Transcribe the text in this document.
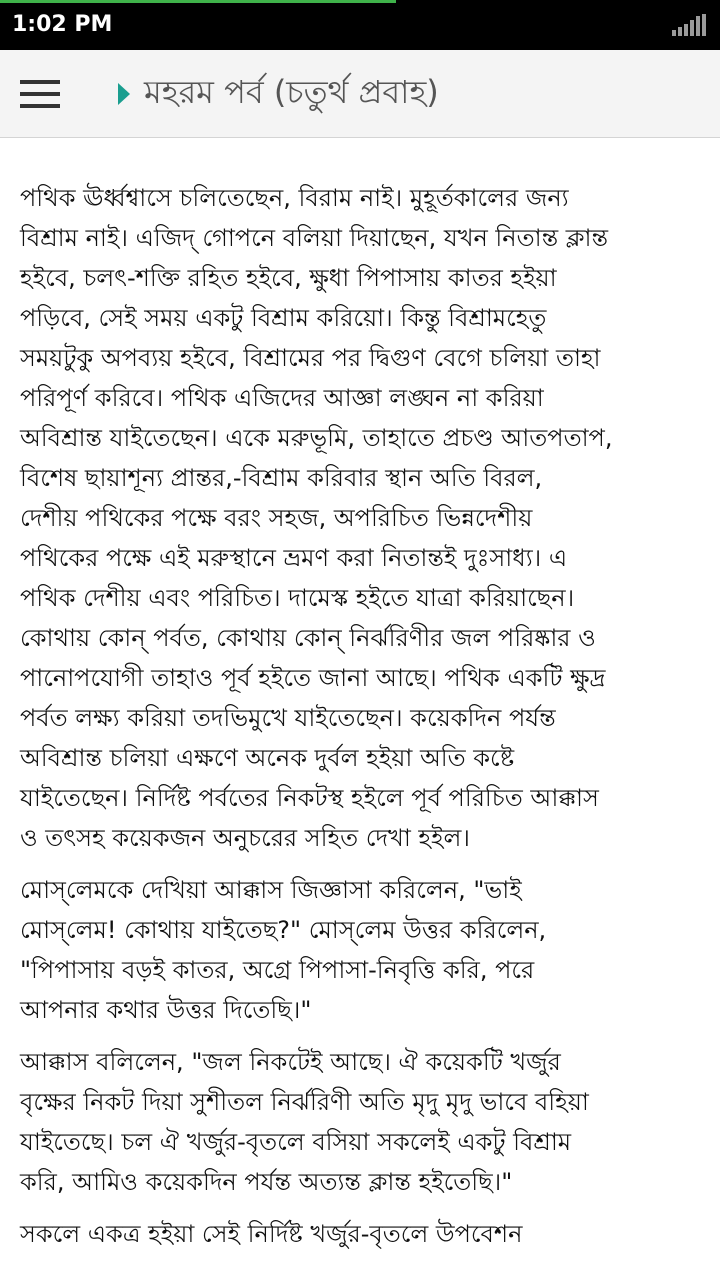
1:02 PM
মহরম পর্ব (চতুর্থ প্রবাহ)

পথিক ঊর্ধ্বশ্বাসে চলিতেছেন, বিরাম নাই। মুহূর্তকালের জন্য
বিশ্রাম নাই। এজিদ্ গোপনে বলিয়া দিয়াছেন, যখন নিতান্ত ক্লান্ত
হইবে, চলৎ-শক্তি রহিত হইবে, ক্ষুধা পিপাসায় কাতর হইয়া
পড়িবে, সেই সময় একটু বিশ্রাম করিয়ো। কিন্তু বিশ্রামহেতু
সময়টুকু অপব্যয় হইবে, বিশ্রামের পর দ্বিগুণ বেগে চলিয়া তাহা
পরিপূর্ণ করিবে। পথিক এজিদের আজ্ঞা লঙ্ঘন না করিয়া
অবিশ্রান্ত যাইতেছেন। একে মরুভূমি, তাহাতে প্রচণ্ড আতপতাপ,
বিশেষ ছায়াশূন্য প্রান্তর,-বিশ্রাম করিবার স্থান অতি বিরল,
দেশীয় পথিকের পক্ষে বরং সহজ, অপরিচিত ভিন্নদেশীয়
পথিকের পক্ষে এই মরুস্থানে ভ্রমণ করা নিতান্তই দুঃসাধ্য। এ
পথিক দেশীয় এবং পরিচিত। দামেস্ক হইতে যাত্রা করিয়াছেন।
কোথায় কোন্ পর্বত, কোথায় কোন্ নির্ঝরিণীর জল পরিষ্কার ও
পানোপযোগী তাহাও পূর্ব হইতে জানা আছে। পথিক একটি ক্ষুদ্র
পর্বত লক্ষ্য করিয়া তদভিমুখে যাইতেছেন। কয়েকদিন পর্যন্ত
অবিশ্রান্ত চলিয়া এক্ষণে অনেক দুর্বল হইয়া অতি কষ্টে
যাইতেছেন। নির্দিষ্ট পর্বতের নিকটস্থ হইলে পূর্ব পরিচিত আক্কাস
ও তৎসহ কয়েকজন অনুচরের সহিত দেখা হইল।

মোস্‌লেমকে দেখিয়া আক্কাস জিজ্ঞাসা করিলেন, "ভাই
মোস্‌লেম! কোথায় যাইতেছ?" মোস্‌লেম উত্তর করিলেন,
"পিপাসায় বড়ই কাতর, অগ্রে পিপাসা-নিবৃত্তি করি, পরে
আপনার কথার উত্তর দিতেছি।"

আক্কাস বলিলেন, "জল নিকটেই আছে। ঐ কয়েকটি খর্জুর
বৃক্ষের নিকট দিয়া সুশীতল নির্ঝরিণী অতি মৃদু মৃদু ভাবে বহিয়া
যাইতেছে। চল ঐ খর্জুর-বৃতলে বসিয়া সকলেই একটু বিশ্রাম
করি, আমিও কয়েকদিন পর্যন্ত অত্যন্ত ক্লান্ত হইতেছি।"

সকলে একত্র হইয়া সেই নির্দিষ্ট খর্জুর-বৃতলে উপবেশন
